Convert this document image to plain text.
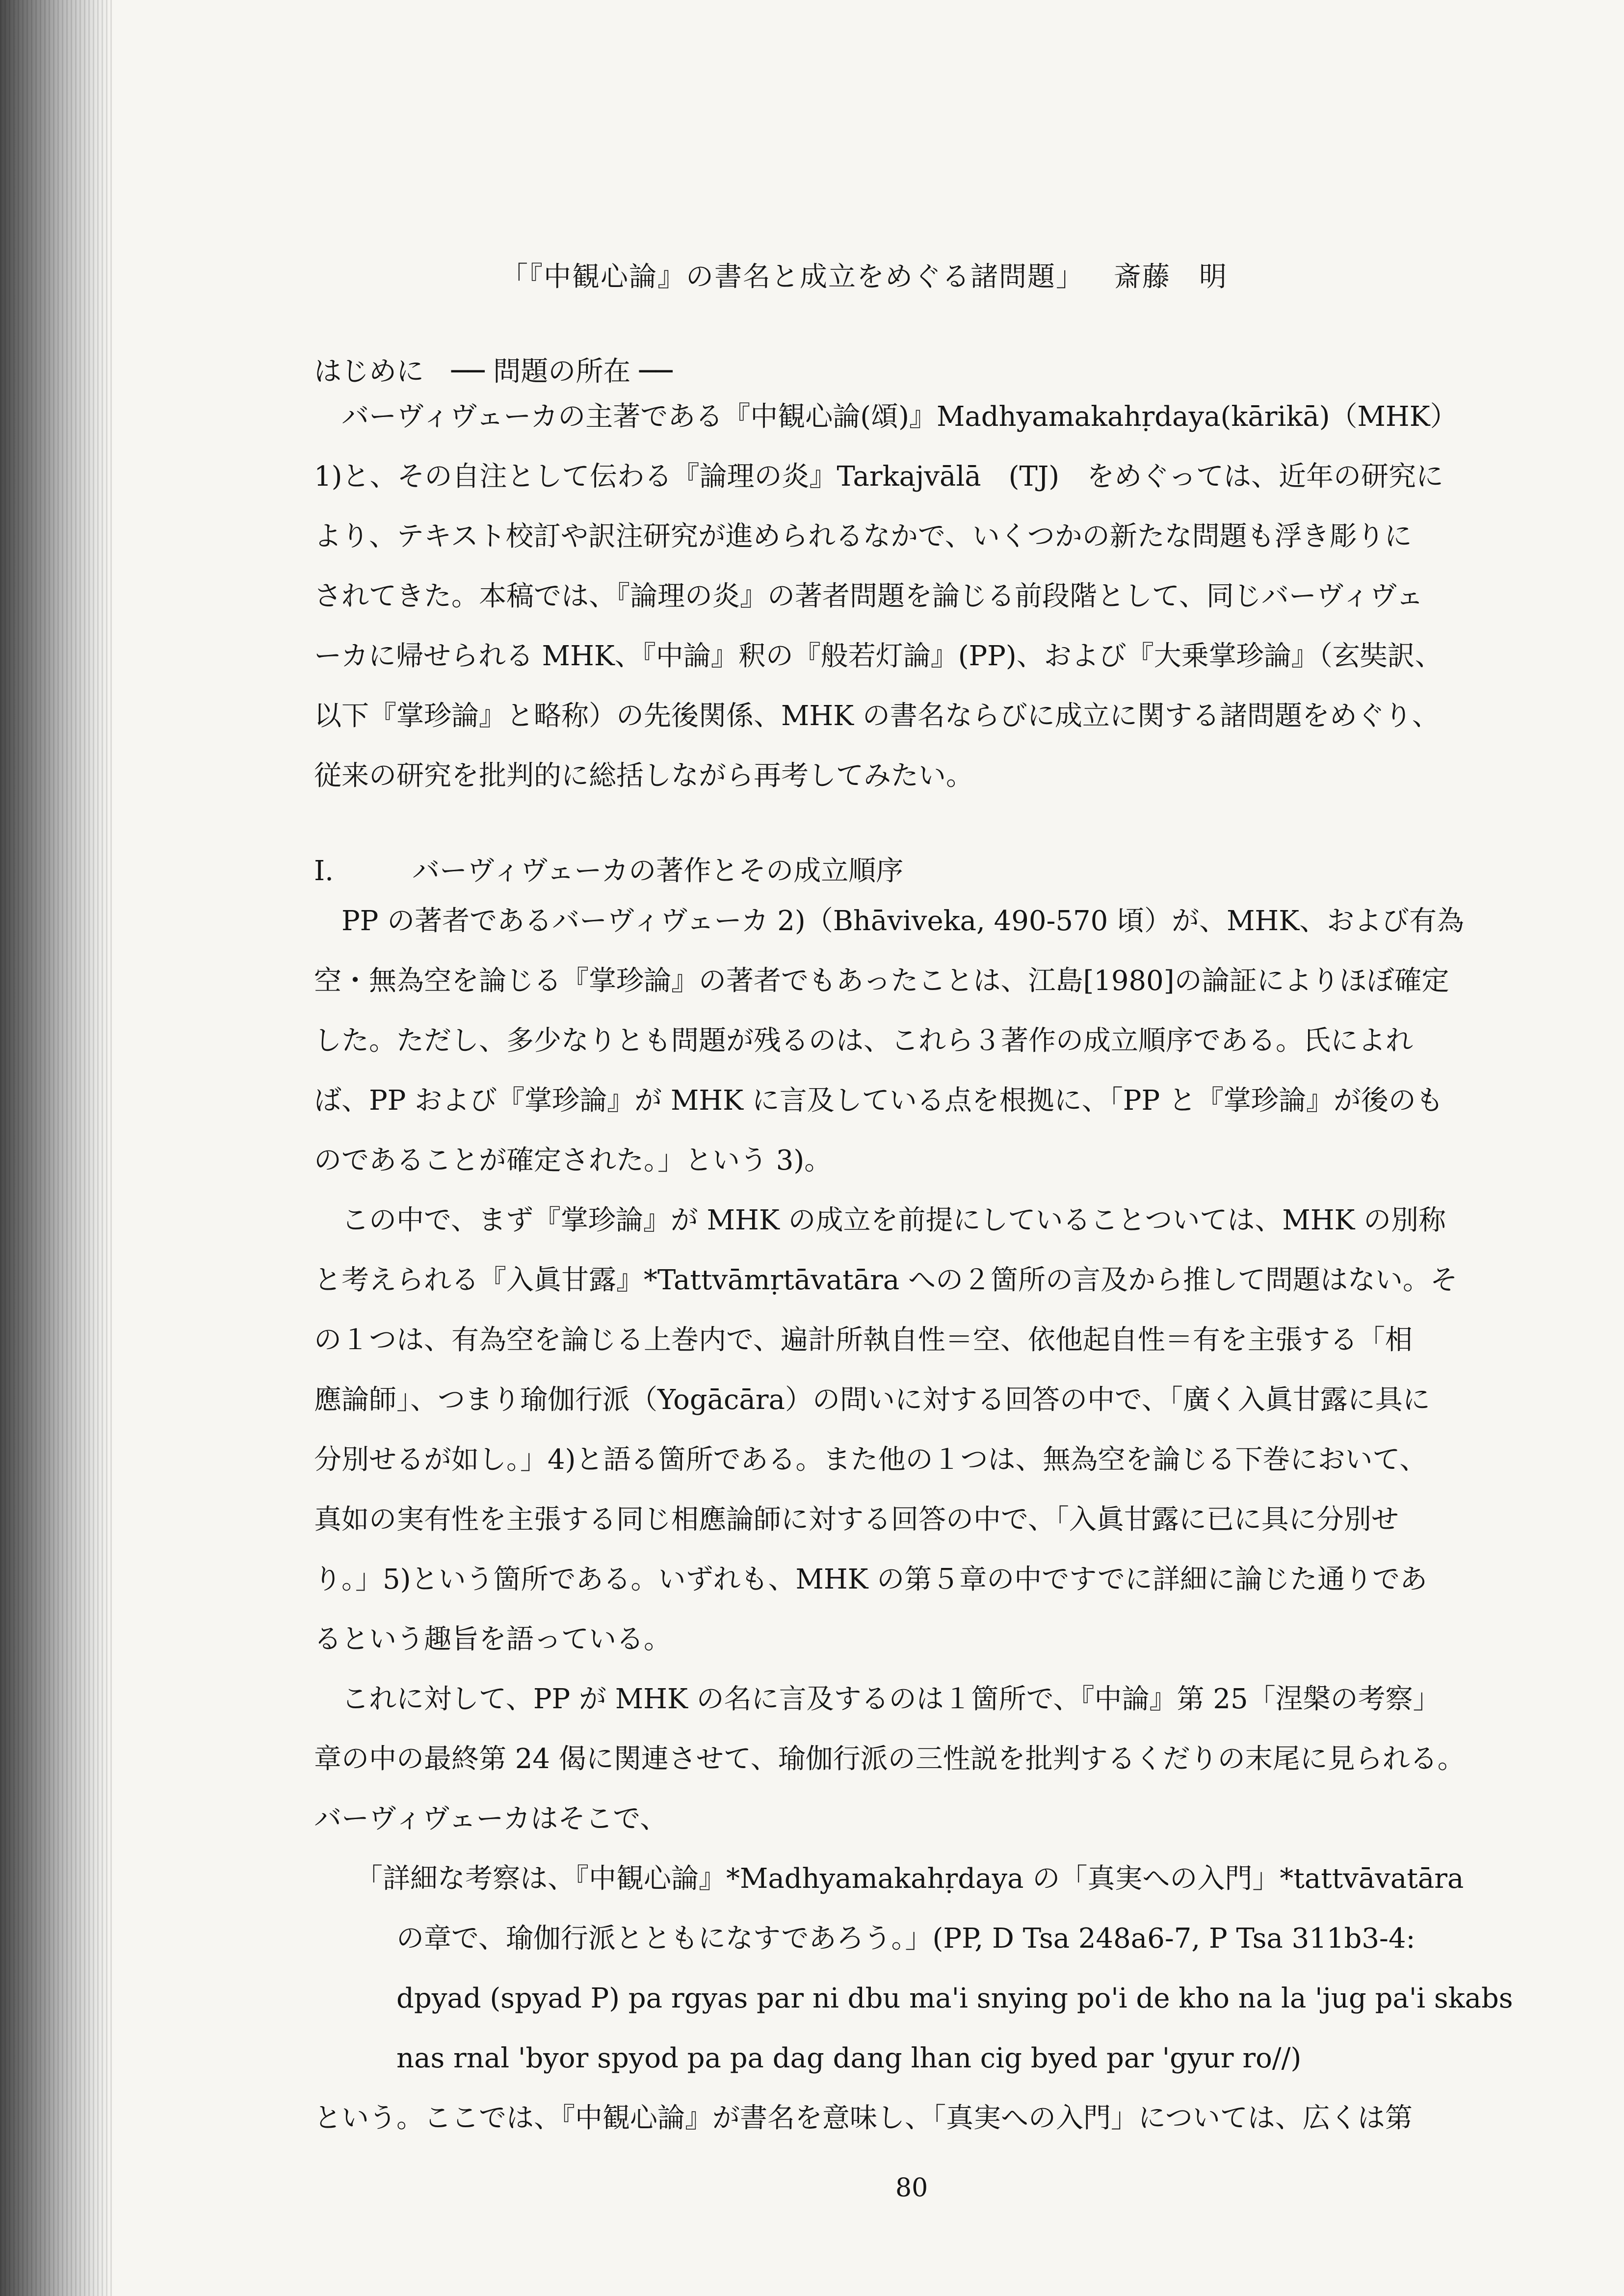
「『中観心論』の書名と成立をめぐる諸問題」 斎藤　明
はじめに　── 問題の所在 ──
　バーヴィヴェーカの主著である『中観心論(頌)』Madhyamakahṛdaya(kārikā)（MHK）
1)と、その自注として伝わる『論理の炎』Tarkajvālā　(TJ)　をめぐっては、近年の研究に
より、テキスト校訂や訳注研究が進められるなかで、いくつかの新たな問題も浮き彫りに
されてきた。本稿では、『論理の炎』の著者問題を論じる前段階として、同じバーヴィヴェ
ーカに帰せられる MHK、『中論』釈の『般若灯論』(PP)、および『大乗掌珍論』（玄奘訳、
以下『掌珍論』と略称）の先後関係、MHK の書名ならびに成立に関する諸問題をめぐり、
従来の研究を批判的に総括しながら再考してみたい。
I.	バーヴィヴェーカの著作とその成立順序
　PP の著者であるバーヴィヴェーカ 2)（Bhāviveka, 490-570 頃）が、MHK、および有為
空・無為空を論じる『掌珍論』の著者でもあったことは、江島[1980]の論証によりほぼ確定
した。ただし、多少なりとも問題が残るのは、これら３著作の成立順序である。氏によれ
ば、PP および『掌珍論』が MHK に言及している点を根拠に、「PP と『掌珍論』が後のも
のであることが確定された。」という 3)。
　この中で、まず『掌珍論』が MHK の成立を前提にしていることついては、MHK の別称
と考えられる『入眞甘露』*Tattvāmṛtāvatāra への２箇所の言及から推して問題はない。そ
の１つは、有為空を論じる上巻内で、遍計所執自性＝空、依他起自性＝有を主張する「相
應論師」、つまり瑜伽行派（Yogācāra）の問いに対する回答の中で、「廣く入眞甘露に具に
分別せるが如し。」4)と語る箇所である。また他の１つは、無為空を論じる下巻において、
真如の実有性を主張する同じ相應論師に対する回答の中で、「入眞甘露に已に具に分別せ
り。」5)という箇所である。いずれも、MHK の第５章の中ですでに詳細に論じた通りであ
るという趣旨を語っている。
　これに対して、PP が MHK の名に言及するのは１箇所で、『中論』第 25「涅槃の考察」
章の中の最終第 24 偈に関連させて、瑜伽行派の三性説を批判するくだりの末尾に見られる。
バーヴィヴェーカはそこで、
　　「詳細な考察は、『中観心論』*Madhyamakahṛdaya の「真実への入門」*tattvāvatāra
　　　の章で、瑜伽行派とともになすであろう。」(PP, D Tsa 248a6-7, P Tsa 311b3-4:
　　　dpyad (spyad P) pa rgyas par ni dbu ma'i snying po'i de kho na la 'jug pa'i skabs
　　　nas rnal 'byor spyod pa pa dag dang lhan cig byed par 'gyur ro//)
という。ここでは、『中観心論』が書名を意味し、「真実への入門」については、広くは第
80
